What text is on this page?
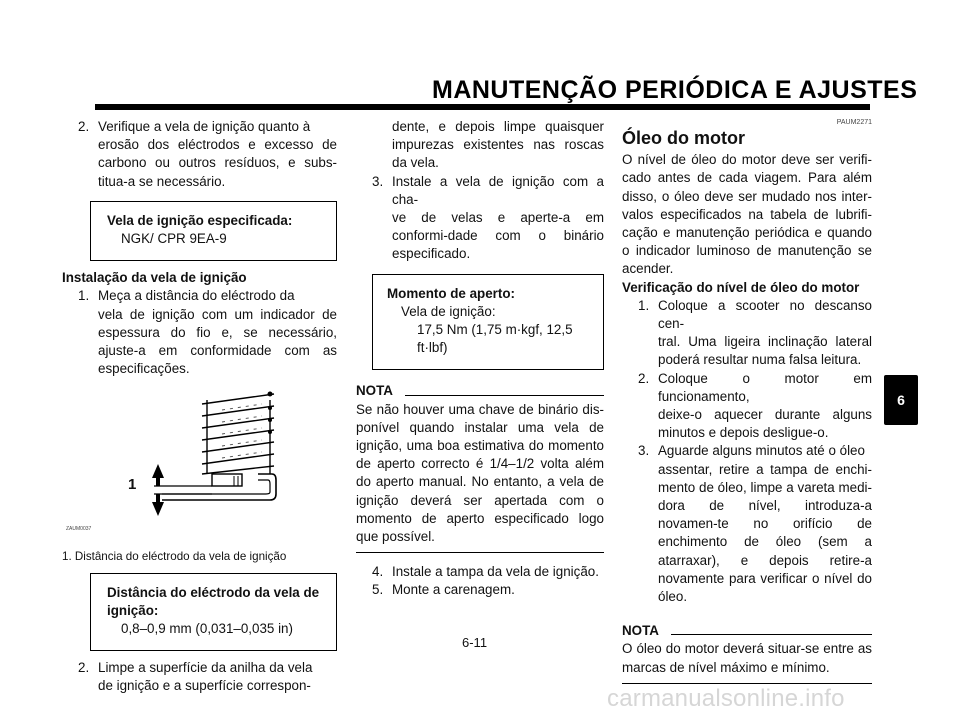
MANUTENÇÃO PERIÓDICA E AJUSTES
2. Verifique a vela de ignição quanto à
erosão dos eléctrodos e excesso de carbono ou outros resíduos, e subs-titua-a se necessário.
Vela de ignição especificada:
NGK/ CPR 9EA-9
Instalação da vela de ignição
1. Meça a distância do eléctrodo da
vela de ignição com um indicador de espessura do fio e, se necessário, ajuste-a em conformidade com as especificações.
1
ZAUM0037
1. Distância do eléctrodo da vela de ignição
Distância do eléctrodo da vela de ignição:
0,8–0,9 mm (0,031–0,035 in)
2. Limpe a superfície da anilha da vela
de ignição e a superfície correspon-
dente, e depois limpe quaisquer impurezas existentes nas roscas da vela.
3. Instale a vela de ignição com a cha-
ve de velas e aperte-a em conformi-dade com o binário especificado.
Momento de aperto:
Vela de ignição:
17,5 Nm (1,75 m·kgf, 12,5 ft·lbf)
NOTA
Se não houver uma chave de binário dis-ponível quando instalar uma vela de ignição, uma boa estimativa do momento de aperto correcto é 1/4–1/2 volta além do aperto manual. No entanto, a vela de ignição deverá ser apertada com o momento de aperto especificado logo que possível.
4. Instale a tampa da vela de ignição.
5. Monte a carenagem.
PAUM2271
Óleo do motor
O nível de óleo do motor deve ser verifi-cado antes de cada viagem. Para além disso, o óleo deve ser mudado nos inter-valos especificados na tabela de lubrifi-cação e manutenção periódica e quando o indicador luminoso de manutenção se acender.
Verificação do nível de óleo do motor
1. Coloque a scooter no descanso cen-
tral. Uma ligeira inclinação lateral poderá resultar numa falsa leitura.
2. Coloque o motor em funcionamento,
deixe-o aquecer durante alguns minutos e depois desligue-o.
3. Aguarde alguns minutos até o óleo
assentar, retire a tampa de enchi-mento de óleo, limpe a vareta medi-dora de nível, introduza-a novamen-te no orifício de enchimento de óleo (sem a atarraxar), e depois retire-a novamente para verificar o nível do óleo.
NOTA
O óleo do motor deverá situar-se entre as marcas de nível máximo e mínimo.
6
6-11
carmanualsonline.info
